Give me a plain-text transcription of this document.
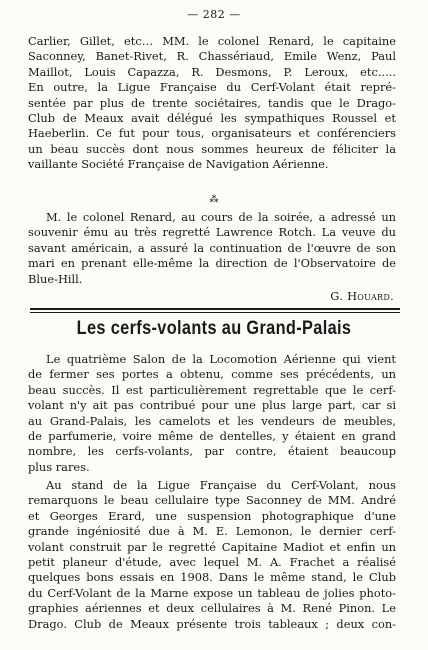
— 282 —
Carlier, Gillet, etc… MM. le colonel Renard, le capitaine
Saconney, Banet-Rivet, R. Chassériaud, Emile Wenz, Paul
Maillot, Louis Capazza, R. Desmons, P. Leroux, etc.....
En outre, la Ligue Française du Cerf-Volant était repré-
sentée par plus de trente sociétaires, tandis que le Drago-
Club de Meaux avait délégué les sympathiques Roussel et
Haeberlin. Ce fut pour tous, organisateurs et conférenciers
un beau succès dont nous sommes heureux de féliciter la
vaillante Société Française de Navigation Aérienne.
⁂
M. le colonel Renard, au cours de la soirée, a adressé un
souvenir ému au très regretté Lawrence Rotch. La veuve du
savant américain, a assuré la continuation de l'œuvre de son
mari en prenant elle-même la direction de l'Observatoire de
Blue-Hill.
G. Houard.
Les cerfs-volants au Grand-Palais
Le quatrième Salon de la Locomotion Aérienne qui vient
de fermer ses portes a obtenu, comme ses précédents, un
beau succès. Il est particulièrement regrettable que le cerf-
volant n'y ait pas contribué pour une plus large part, car si
au Grand-Palais, les camelots et les vendeurs de meubles,
de parfumerie, voire même de dentelles, y étaient en grand
nombre, les cerfs-volants, par contre, étaient beaucoup
plus rares.
Au stand de la Ligue Française du Cerf-Volant, nous
remarquons le beau cellulaire type Saconney de MM. André
et Georges Erard, une suspension photographique d'une
grande ingéniosité due à M. E. Lemonon, le dernier cerf-
volant construit par le regretté Capitaine Madiot et enfin un
petit planeur d'étude, avec lequel M. A. Frachet a réalisé
quelques bons essais en 1908. Dans le même stand, le Club
du Cerf-Volant de la Marne expose un tableau de jolies photo-
graphies aériennes et deux cellulaires à M. René Pinon. Le
Drago. Club de Meaux présente trois tableaux ; deux con-
